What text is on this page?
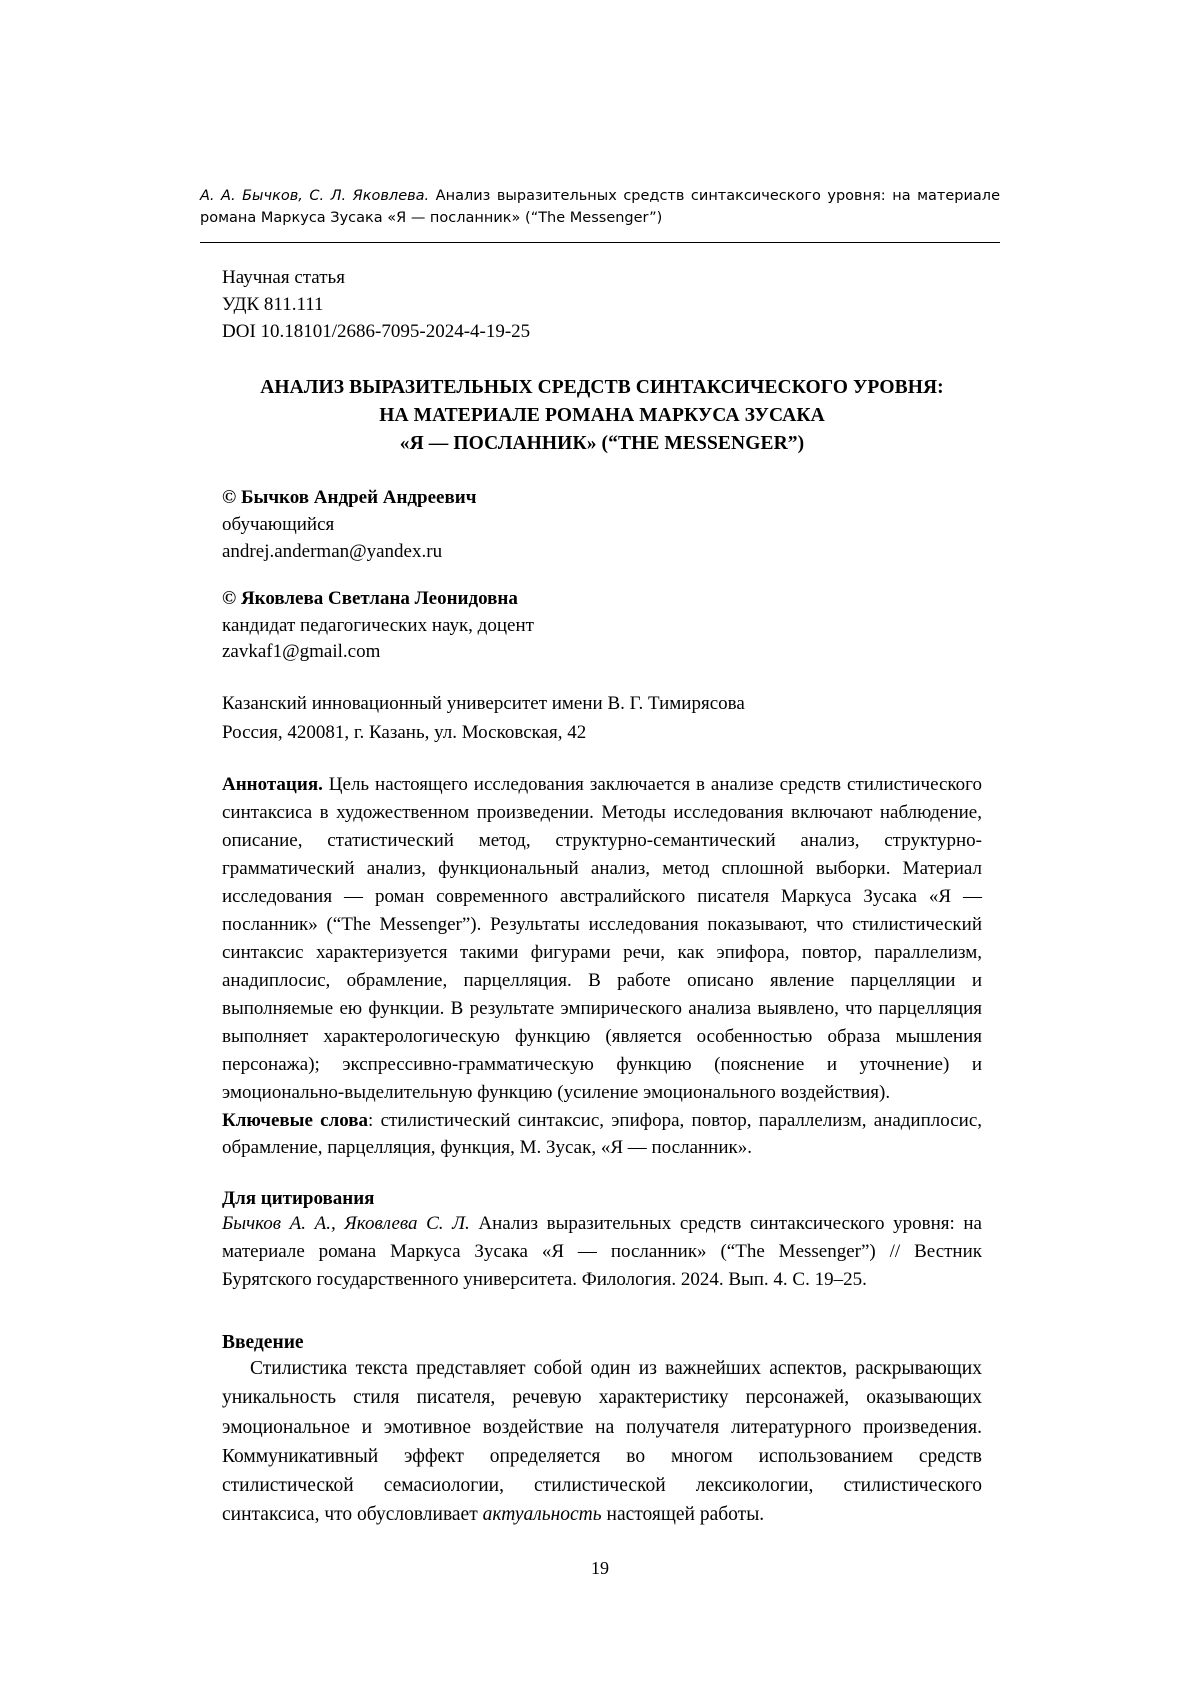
А. А. Бычков, С. Л. Яковлева. Анализ выразительных средств синтаксического уровня: на материале романа Маркуса Зусака «Я — посланник» (“The Messenger”)
Научная статья
УДК 811.111
DOI 10.18101/2686-7095-2024-4-19-25
АНАЛИЗ ВЫРАЗИТЕЛЬНЫХ СРЕДСТВ СИНТАКСИЧЕСКОГО УРОВНЯ:
НА МАТЕРИАЛЕ РОМАНА МАРКУСА ЗУСАКА
«Я — ПОСЛАННИК» (“THE MESSENGER”)
© Бычков Андрей Андреевич
обучающийся
andrej.anderman@yandex.ru
© Яковлева Светлана Леонидовна
кандидат педагогических наук, доцент
zavkaf1@gmail.com
Казанский инновационный университет имени В. Г. Тимирясова
Россия, 420081, г. Казань, ул. Московская, 42
Аннотация. Цель настоящего исследования заключается в анализе средств стилистического синтаксиса в художественном произведении. Методы исследования включают наблюдение, описание, статистический метод, структурно-семантический анализ, структурно-грамматический анализ, функциональный анализ, метод сплошной выборки. Материал исследования — роман современного австралийского писателя Маркуса Зусака «Я — посланник» (“The Messenger”). Результаты исследования показывают, что стилистический синтаксис характеризуется такими фигурами речи, как эпифора, повтор, параллелизм, анадиплосис, обрамление, парцелляция. В работе описано явление парцелляции и выполняемые ею функции. В результате эмпирического анализа выявлено, что парцелляция выполняет характерологическую функцию (является особенностью образа мышления персонажа); экспрессивно-грамматическую функцию (пояснение и уточнение) и эмоционально-выделительную функцию (усиление эмоционального воздействия).
Ключевые слова: стилистический синтаксис, эпифора, повтор, параллелизм, анадиплосис, обрамление, парцелляция, функция, М. Зусак, «Я — посланник».
Для цитирования
Бычков А. А., Яковлева С. Л. Анализ выразительных средств синтаксического уровня: на материале романа Маркуса Зусака «Я — посланник» (“The Messenger”) // Вестник Бурятского государственного университета. Филология. 2024. Вып. 4. С. 19–25.
Введение
Стилистика текста представляет собой один из важнейших аспектов, раскрывающих уникальность стиля писателя, речевую характеристику персонажей, оказывающих эмоциональное и эмотивное воздействие на получателя литературного произведения. Коммуникативный эффект определяется во многом использованием средств стилистической семасиологии, стилистической лексикологии, стилистического синтаксиса, что обусловливает актуальность настоящей работы.
19
